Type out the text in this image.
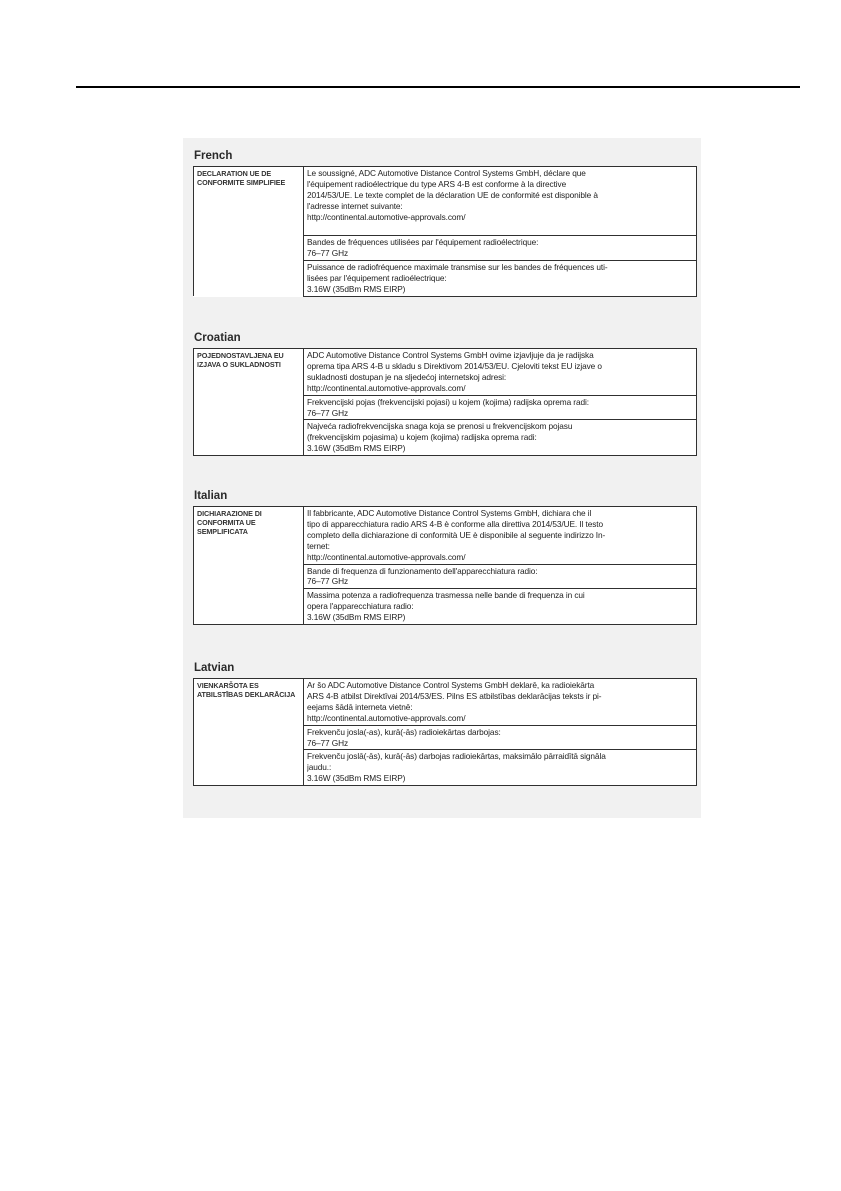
French
DECLARATION UE DE CONFORMITE SIMPLIFIEE	
Le soussigné, ADC Automotive Distance Control Systems GmbH, déclare que
l'équipement radioélectrique du type ARS 4-B est conforme à la directive
2014/53/UE. Le texte complet de la déclaration UE de conformité est disponible à
l'adresse internet suivante:
http://continental.automotive-approvals.com/

Bandes de fréquences utilisées par l'équipement radioélectrique:
76–77 GHz

Puissance de radiofréquence maximale transmise sur les bandes de fréquences uti-
lisées par l'équipement radioélectrique:
3.16W (35dBm RMS EIRP)
Croatian
POJEDNOSTAVLJENA EU IZJAVA O SUKLADNOSTI	
ADC Automotive Distance Control Systems GmbH ovime izjavljuje da je radijska
oprema tipa ARS 4-B u skladu s Direktivom 2014/53/EU. Cjeloviti tekst EU izjave o
sukladnosti dostupan je na sljedećoj internetskoj adresi:
http://continental.automotive-approvals.com/

Frekvencijski pojas (frekvencijski pojasi) u kojem (kojima) radijska oprema radi:
76–77 GHz

Najveća radiofrekvencijska snaga koja se prenosi u frekvencijskom pojasu
(frekvencijskim pojasima) u kojem (kojima) radijska oprema radi:
3.16W (35dBm RMS EIRP)
Italian
DICHIARAZIONE DI CONFORMITA UE SEMPLIFICATA	
Il fabbricante, ADC Automotive Distance Control Systems GmbH, dichiara che il
tipo di apparecchiatura radio ARS 4-B è conforme alla direttiva 2014/53/UE. Il testo
completo della dichiarazione di conformità UE è disponibile al seguente indirizzo In-
ternet:
http://continental.automotive-approvals.com/

Bande di frequenza di funzionamento dell'apparecchiatura radio:
76–77 GHz

Massima potenza a radiofrequenza trasmessa nelle bande di frequenza in cui
opera l'apparecchiatura radio:
3.16W (35dBm RMS EIRP)
Latvian
VIENKARŠOTA ES ATBILSTĪBAS DEKLARĀCIJA	
Ar šo ADC Automotive Distance Control Systems GmbH deklarē, ka radioiekārta
ARS 4-B atbilst Direktīvai 2014/53/ES. Pilns ES atbilstības deklarācijas teksts ir pi-
eejams šādā interneta vietnē:
http://continental.automotive-approvals.com/

Frekvenču josla(-as), kurā(-ās) radioiekārtas darbojas:
76–77 GHz

Frekvenču joslā(-ās), kurā(-ās) darbojas radioiekārtas, maksimālo pārraidītā signāla
jaudu.:
3.16W (35dBm RMS EIRP)
